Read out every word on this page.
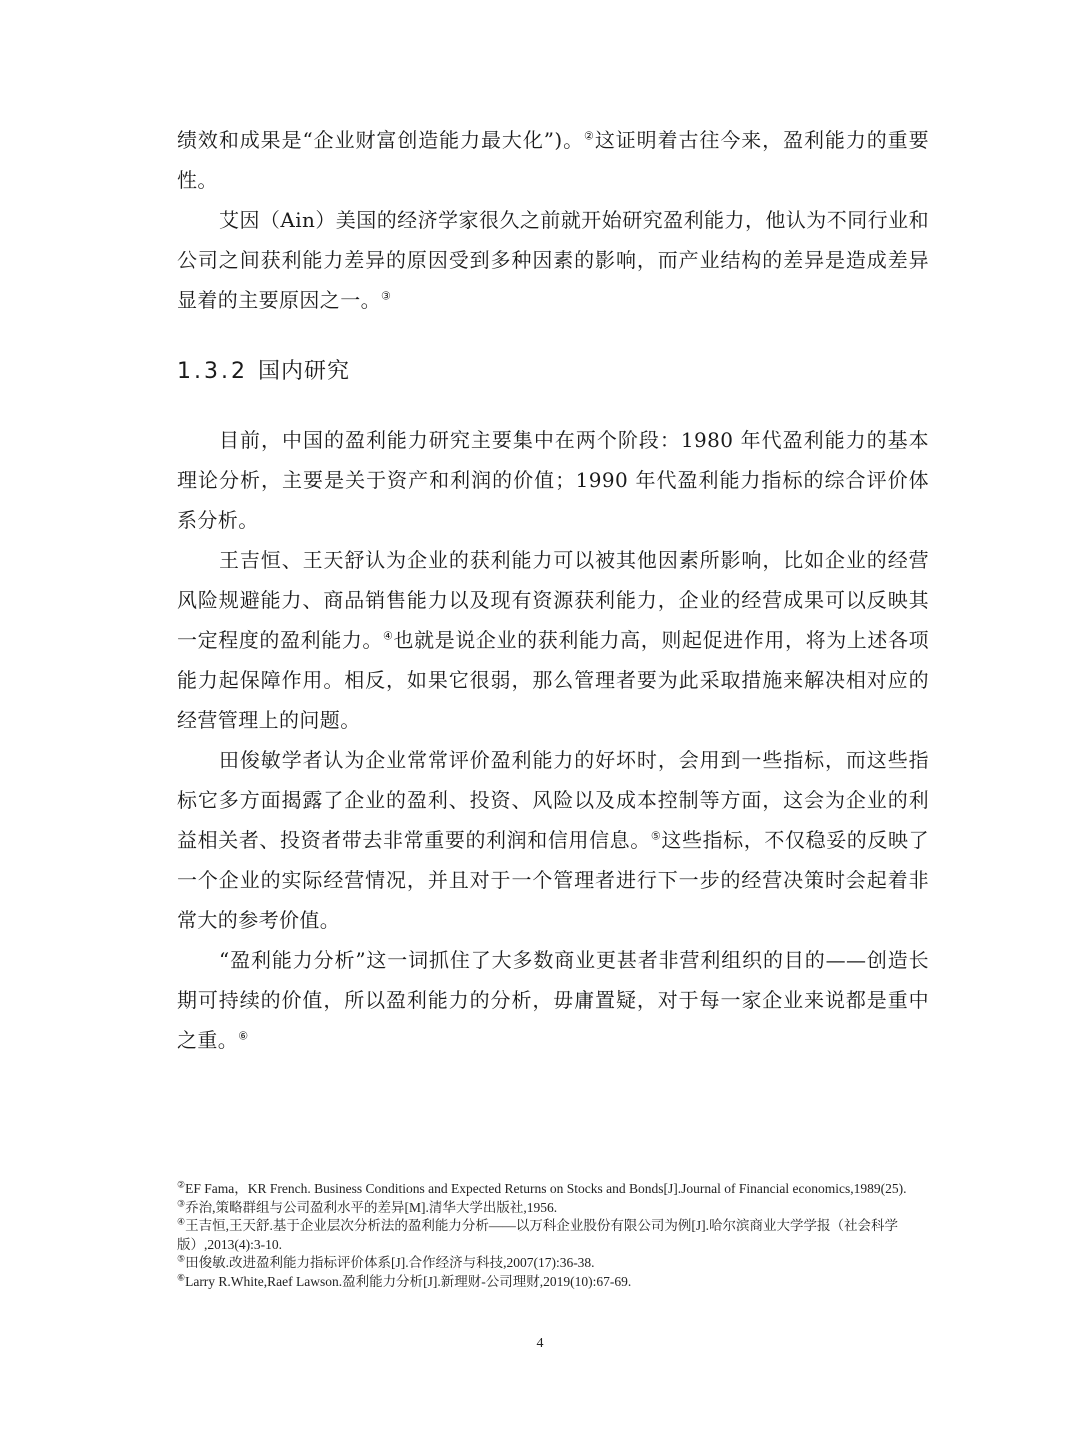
绩效和成果是“企业财富创造能力最大化”)。②这证明着古往今来，盈利能力的重要性。

艾因（Ain）美国的经济学家很久之前就开始研究盈利能力，他认为不同行业和公司之间获利能力差异的原因受到多种因素的影响，而产业结构的差异是造成差异显着的主要原因之一。③

1.3.2 国内研究

目前，中国的盈利能力研究主要集中在两个阶段：1980 年代盈利能力的基本理论分析，主要是关于资产和利润的价值；1990 年代盈利能力指标的综合评价体系分析。

王吉恒、王天舒认为企业的获利能力可以被其他因素所影响，比如企业的经营风险规避能力、商品销售能力以及现有资源获利能力，企业的经营成果可以反映其一定程度的盈利能力。④也就是说企业的获利能力高，则起促进作用，将为上述各项能力起保障作用。相反，如果它很弱，那么管理者要为此采取措施来解决相对应的经营管理上的问题。

田俊敏学者认为企业常常评价盈利能力的好坏时，会用到一些指标，而这些指标它多方面揭露了企业的盈利、投资、风险以及成本控制等方面，这会为企业的利益相关者、投资者带去非常重要的利润和信用信息。⑤这些指标，不仅稳妥的反映了一个企业的实际经营情况，并且对于一个管理者进行下一步的经营决策时会起着非常大的参考价值。

“盈利能力分析”这一词抓住了大多数商业更甚者非营利组织的目的——创造长期可持续的价值，所以盈利能力的分析，毋庸置疑，对于每一家企业来说都是重中之重。⑥

②EF Fama，KR French. Business Conditions and Expected Returns on Stocks and Bonds[J].Journal of Financial economics,1989(25).

③乔治,策略群组与公司盈利水平的差异[M].清华大学出版社,1956.

④王吉恒,王天舒.基于企业层次分析法的盈利能力分析——以万科企业股份有限公司为例[J].哈尔滨商业大学学报（社会科学版）,2013(4):3-10.

⑤田俊敏.改进盈利能力指标评价体系[J].合作经济与科技,2007(17):36-38.

⑥Larry R.White,Raef Lawson.盈利能力分析[J].新理财-公司理财,2019(10):67-69.

4
